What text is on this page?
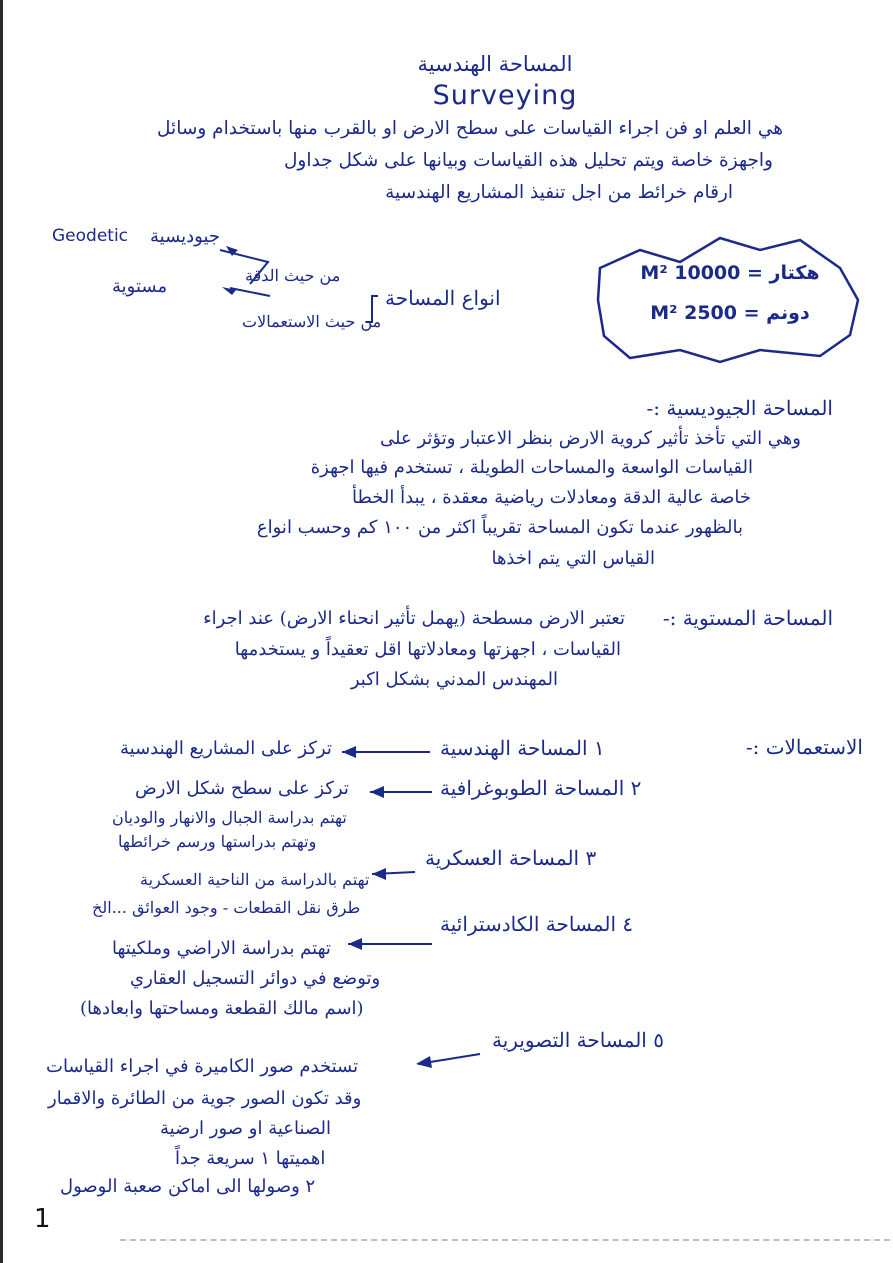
المساحة الهندسية
Surveying
هي العلم او فن اجراء القياسات على سطح الارض او بالقرب منها باستخدام وسائل
واجهزة خاصة ويتم تحليل هذه القياسات وبيانها على شكل جداول
ارقام خرائط من اجل تنفيذ المشاريع الهندسية
Geodetic جيوديسية
من حيث الدقة
مستوية	انواع المساحة
من حيث الاستعمالات
هكتار = 10000 M²
دونم = 2500 M²
المساحة الجيوديسية :-
وهي التي تأخذ تأثير كروية الارض بنظر الاعتبار وتؤثر على
القياسات الواسعة والمساحات الطويلة ، تستخدم فيها اجهزة
خاصة عالية الدقة ومعادلات رياضية معقدة ، يبدأ الخطأ
بالظهور عندما تكون المساحة تقريباً اكثر من ١٠٠ كم وحسب انواع
القياس التي يتم اخذها
المساحة المستوية :-
تعتبر الارض مسطحة (يهمل تأثير انحناء الارض) عند اجراء
القياسات ، اجهزتها ومعادلاتها اقل تعقيداً و يستخدمها
المهندس المدني بشكل اكبر
الاستعمالات :-
١ المساحة الهندسية
تركز على المشاريع الهندسية
٢ المساحة الطوبوغرافية
تركز على سطح شكل الارض
تهتم بدراسة الجبال والانهار والوديان
وتهتم بدراستها ورسم خرائطها
٣ المساحة العسكرية
تهتم بالدراسة من الناحية العسكرية
طرق نقل القطعات - وجود العوائق ...الخ
٤ المساحة الكادسترائية
تهتم بدراسة الاراضي وملكيتها
وتوضع في دوائر التسجيل العقاري
(اسم مالك القطعة ومساحتها وابعادها)
٥ المساحة التصويرية
تستخدم صور الكاميرة في اجراء القياسات
وقد تكون الصور جوية من الطائرة والاقمار
الصناعية او صور ارضية
اهميتها ١ سريعة جداً
٢ وصولها الى اماكن صعبة الوصول
1
